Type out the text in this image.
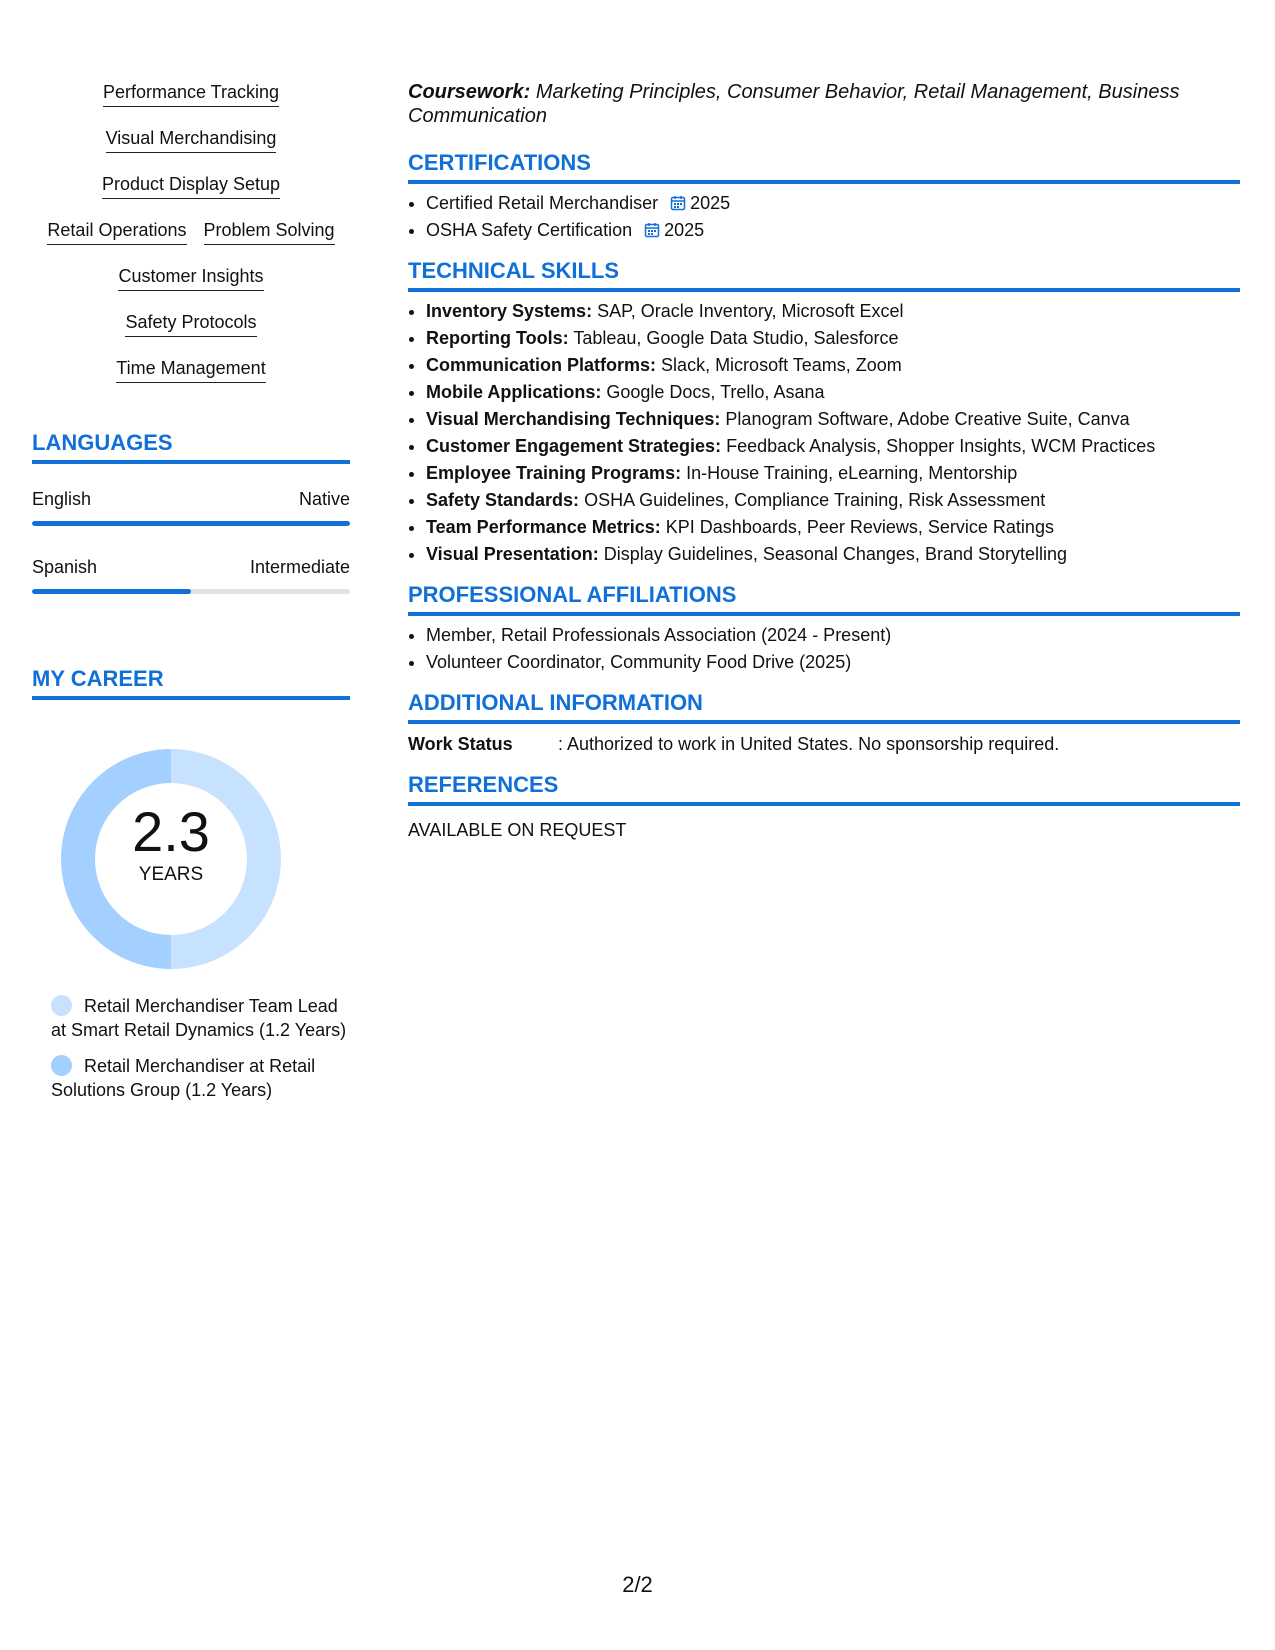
Performance Tracking
Visual Merchandising
Product Display Setup
Retail Operations Problem Solving
Customer Insights
Safety Protocols
Time Management
LANGUAGES
English	Native
Spanish	Intermediate
MY CAREER
2.3
YEARS
Retail Merchandiser Team Lead at Smart Retail Dynamics (1.2 Years)
Retail Merchandiser at Retail Solutions Group (1.2 Years)
Coursework: Marketing Principles, Consumer Behavior, Retail Management, Business Communication
CERTIFICATIONS
• Certified Retail Merchandiser 2025
• OSHA Safety Certification 2025
TECHNICAL SKILLS
• Inventory Systems: SAP, Oracle Inventory, Microsoft Excel
• Reporting Tools: Tableau, Google Data Studio, Salesforce
• Communication Platforms: Slack, Microsoft Teams, Zoom
• Mobile Applications: Google Docs, Trello, Asana
• Visual Merchandising Techniques: Planogram Software, Adobe Creative Suite, Canva
• Customer Engagement Strategies: Feedback Analysis, Shopper Insights, WCM Practices
• Employee Training Programs: In-House Training, eLearning, Mentorship
• Safety Standards: OSHA Guidelines, Compliance Training, Risk Assessment
• Team Performance Metrics: KPI Dashboards, Peer Reviews, Service Ratings
• Visual Presentation: Display Guidelines, Seasonal Changes, Brand Storytelling
PROFESSIONAL AFFILIATIONS
• Member, Retail Professionals Association (2024 - Present)
• Volunteer Coordinator, Community Food Drive (2025)
ADDITIONAL INFORMATION
Work Status	: Authorized to work in United States. No sponsorship required.
REFERENCES
AVAILABLE ON REQUEST
2/2
